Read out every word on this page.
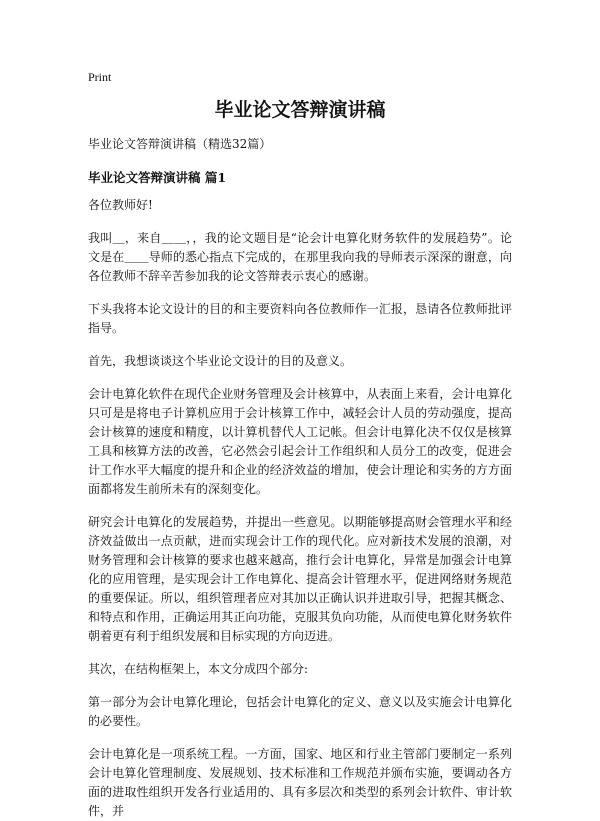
Print
毕业论文答辩演讲稿
毕业论文答辩演讲稿（精选32篇）
毕业论文答辩演讲稿 篇1

各位教师好!

我叫＿，来自＿＿，，我的论文题目是“论会计电算化财务软件的发展趋势”。论文是在＿＿导师的悉心指点下完成的，在那里我向我的导师表示深深的谢意，向各位教师不辞辛苦参加我的论文答辩表示衷心的感谢。

下头我将本论文设计的目的和主要资料向各位教师作一汇报，恳请各位教师批评指导。

首先，我想谈谈这个毕业论文设计的目的及意义。

会计电算化软件在现代企业财务管理及会计核算中，从表面上来看，会计电算化只可是是将电子计算机应用于会计核算工作中，减轻会计人员的劳动强度，提高会计核算的速度和精度，以计算机替代人工记帐。但会计电算化决不仅仅是核算工具和核算方法的改善，它必然会引起会计工作组织和人员分工的改变，促进会计工作水平大幅度的提升和企业的经济效益的增加，使会计理论和实务的方方面面都将发生前所未有的深刻变化。

研究会计电算化的发展趋势，并提出一些意见。以期能够提高财会管理水平和经济效益做出一点贡献，进而实现会计工作的现代化。应对新技术发展的浪潮，对财务管理和会计核算的要求也越来越高，推行会计电算化，异常是加强会计电算化的应用管理，是实现会计工作电算化、提高会计管理水平，促进网络财务规范的重要保证。所以，组织管理者应对其加以正确认识并进取引导，把握其概念、和特点和作用，正确运用其正向功能，克服其负向功能，从而使电算化财务软件朝着更有利于组织发展和目标实现的方向迈进。

其次，在结构框架上，本文分成四个部分:

第一部分为会计电算化理论，包括会计电算化的定义、意义以及实施会计电算化的必要性。

会计电算化是一项系统工程。一方面，国家、地区和行业主管部门要制定一系列会计电算化管理制度、发展规划、技术标准和工作规范并颁布实施，要调动各方面的进取性组织开发各行业适用的、具有多层次和类型的系列会计软件、审计软件，并
